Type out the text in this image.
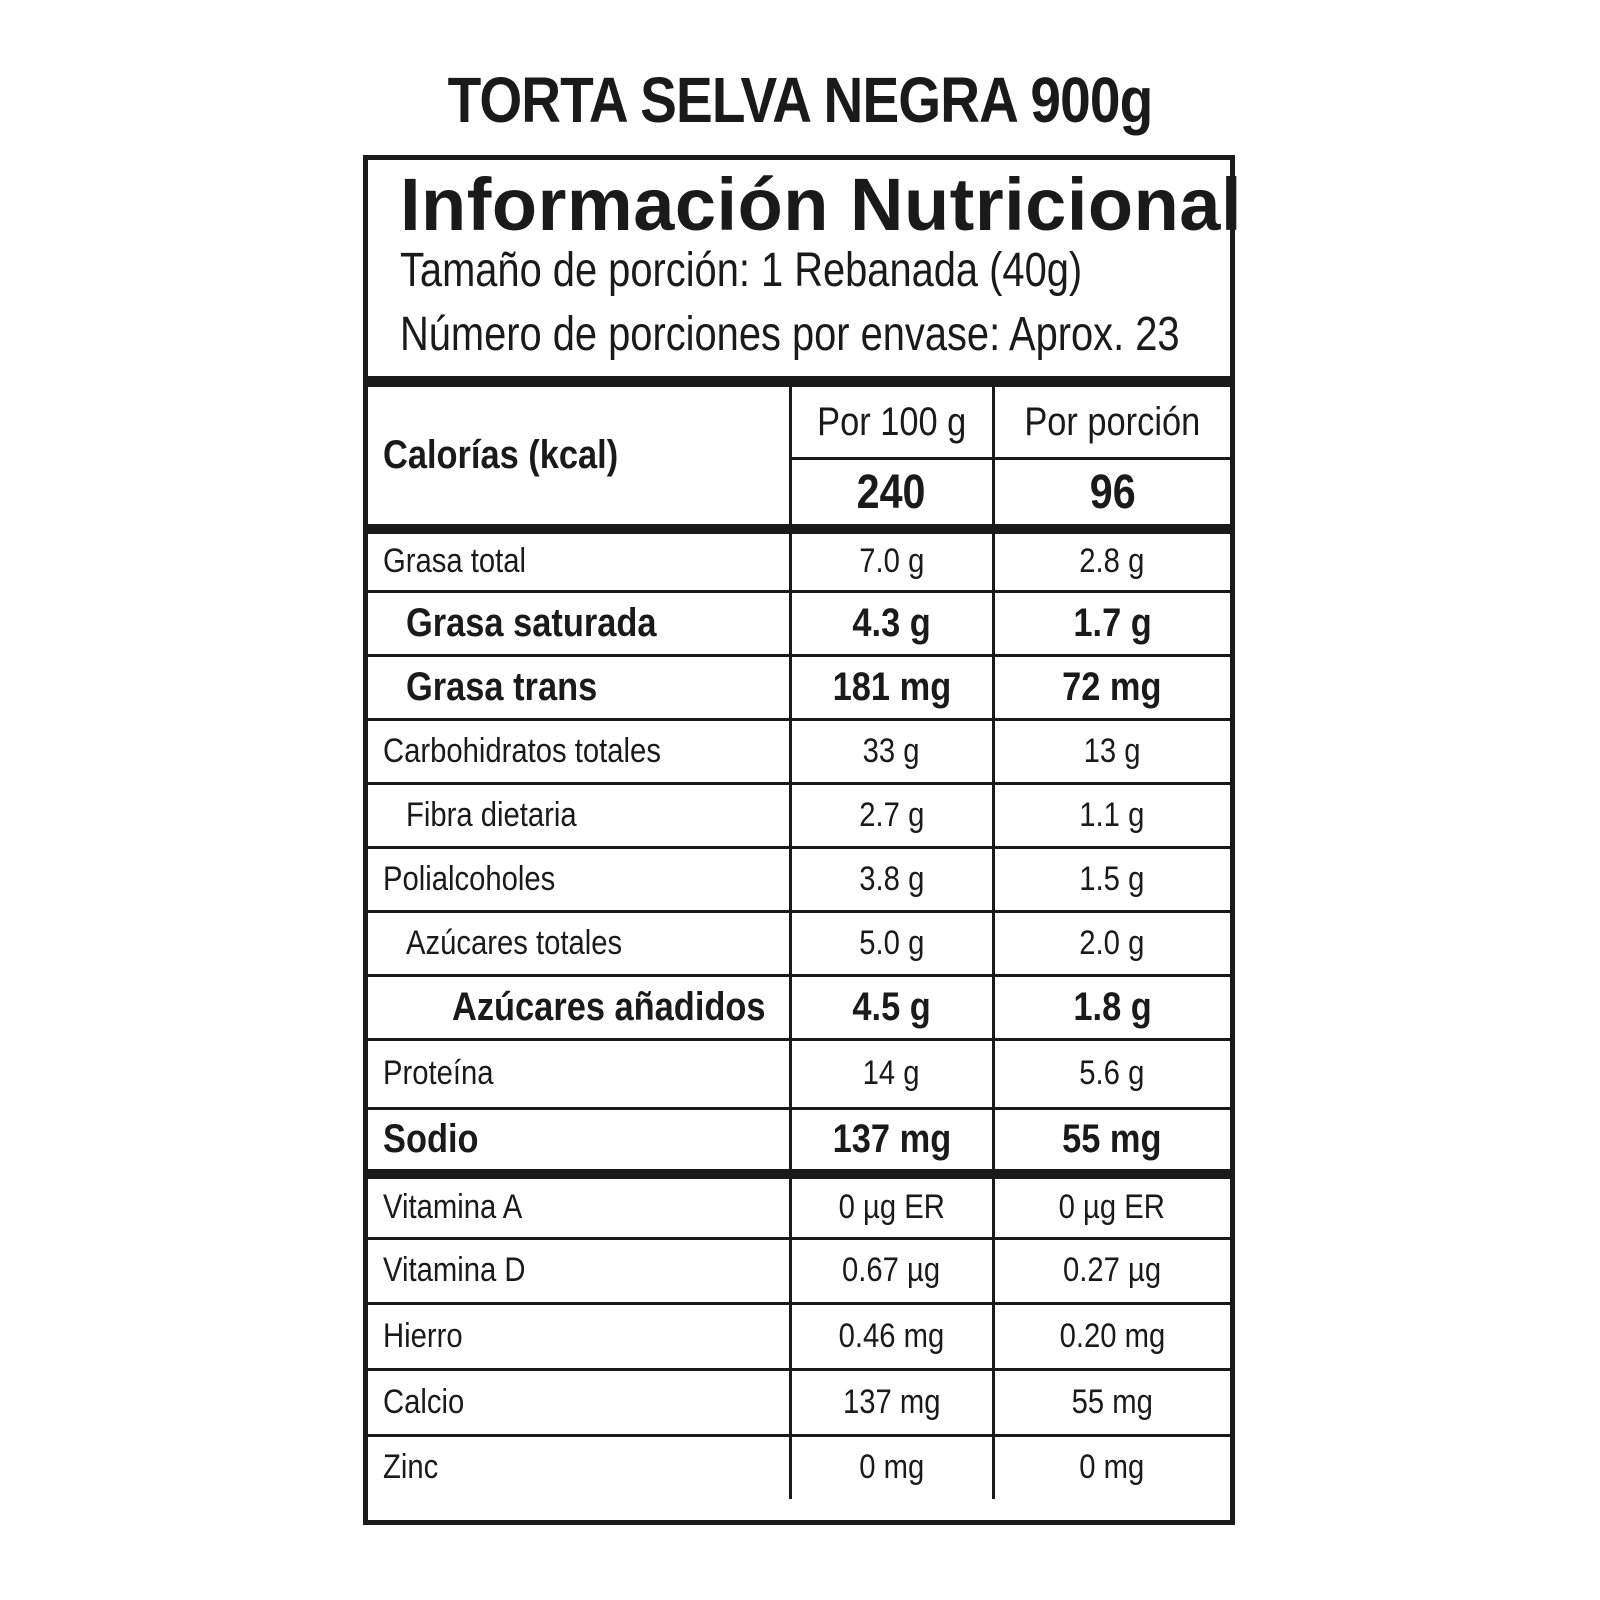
TORTA SELVA NEGRA 900g
Información Nutricional
Tamaño de porción: 1 Rebanada (40g)
Número de porciones por envase: Aprox. 23
Calorías (kcal)	Por 100 g	Por porción
	240	96
Grasa total	7.0 g	2.8 g
Grasa saturada	4.3 g	1.7 g
Grasa trans	181 mg	72 mg
Carbohidratos totales	33 g	13 g
Fibra dietaria	2.7 g	1.1 g
Polialcoholes	3.8 g	1.5 g
Azúcares totales	5.0 g	2.0 g
Azúcares añadidos	4.5 g	1.8 g
Proteína	14 g	5.6 g
Sodio	137 mg	55 mg
Vitamina A	0 µg ER	0 µg ER
Vitamina D	0.67 µg	0.27 µg
Hierro	0.46 mg	0.20 mg
Calcio	137 mg	55 mg
Zinc	0 mg	0 mg
